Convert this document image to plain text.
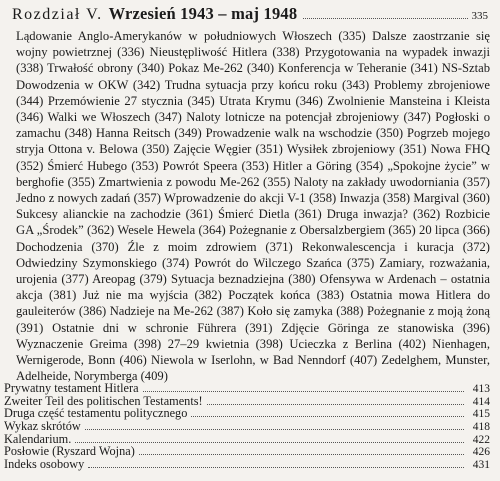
Rozdział V. Wrzesień 1943 – maj 1948	335
Lądowanie Anglo-Amerykanów w południowych Włoszech (335) Dalsze zaostrzanie się wojny powietrznej (336) Nieustępliwość Hitlera (338) Przygotowania na wypadek inwazji (338) Trwałość obrony (340) Pokaz Me-262 (340) Konferencja w Teheranie (341) NS-Sztab Dowodzenia w OKW (342) Trudna sytuacja przy końcu roku (343) Problemy zbrojeniowe (344) Przemówienie 27 stycznia (345) Utrata Krymu (346) Zwolnienie Mansteina i Kleista (346) Walki we Włoszech (347) Naloty lotnicze na potencjał zbrojeniowy (347) Pogłoski o zamachu (348) Hanna Reitsch (349) Prowadzenie walk na wschodzie (350) Pogrzeb mojego stryja Ottona v. Belowa (350) Zajęcie Węgier (351) Wysiłek zbrojeniowy (351) Nowa FHQ (352) Śmierć Hubego (353) Powrót Speera (353) Hitler a Göring (354) „Spokojne życie” w berghofie (355) Zmartwienia z powodu Me-262 (355) Naloty na zakłady uwodorniania (357) Jedno z nowych zadań (357) Wprowadzenie do akcji V-1 (358) Inwazja (358) Margival (360) Sukcesy alianckie na zachodzie (361) Śmierć Dietla (361) Druga inwazja? (362) Rozbicie GA „Środek” (362) Wesele Hewela (364) Pożegnanie z Obersalzbergiem (365) 20 lipca (366) Dochodzenia (370) Źle z moim zdrowiem (371) Rekonwalescencja i kuracja (372) Odwiedziny Szymonskiego (374) Powrót do Wilczego Szańca (375) Zamiary, rozważania, urojenia (377) Areopag (379) Sytuacja beznadziejna (380) Ofensywa w Ardenach – ostatnia akcja (381) Już nie ma wyjścia (382) Początek końca (383) Ostatnia mowa Hitlera do gauleiterów (386) Nadzieje na Me-262 (387) Koło się zamyka (388) Pożegnanie z moją żoną (391) Ostatnie dni w schronie Führera (391) Zdjęcie Göringa ze stanowiska (396) Wyznaczenie Greima (398) 27–29 kwietnia (398) Ucieczka z Berlina (402) Nienhagen, Wernigerode, Bonn (406) Niewola w Iserlohn, w Bad Nenndorf (407) Zedelghem, Munster, Adelheide, Norymberga (409)
Prywatny testament Hitlera	413
Zweiter Teil des politischen Testaments!	414
Druga część testamentu politycznego	415
Wykaz skrótów	418
Kalendarium.	422
Posłowie (Ryszard Wojna)	426
Indeks osobowy	431
